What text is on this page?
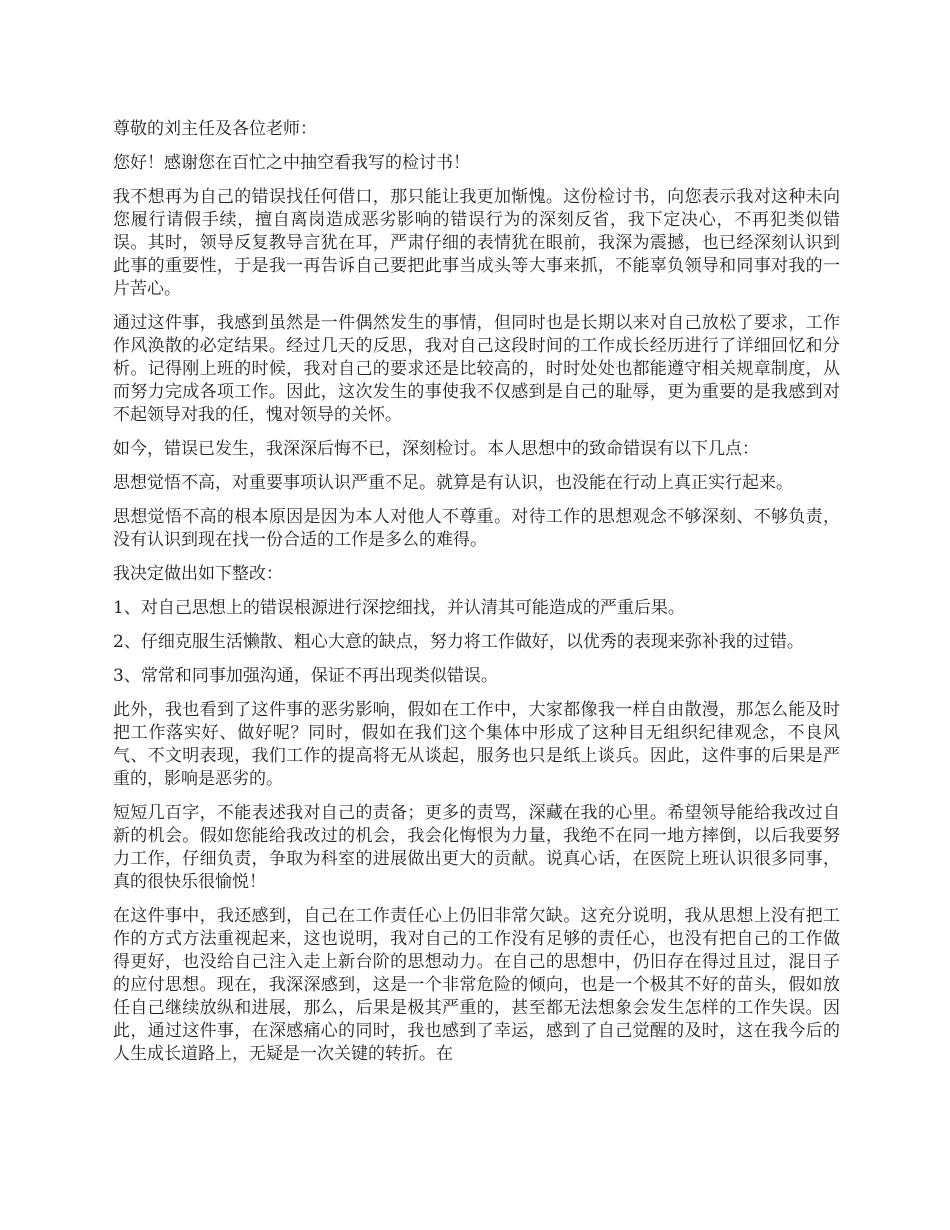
尊敬的刘主任及各位老师：

您好！感谢您在百忙之中抽空看我写的检讨书！

我不想再为自己的错误找任何借口，那只能让我更加惭愧。这份检讨书，向您表示我对这种未向您履行请假手续，擅自离岗造成恶劣影响的错误行为的深刻反省，我下定决心，不再犯类似错误。其时，领导反复教导言犹在耳，严肃仔细的表情犹在眼前，我深为震撼，也已经深刻认识到此事的重要性，于是我一再告诉自己要把此事当成头等大事来抓，不能辜负领导和同事对我的一片苦心。

通过这件事，我感到虽然是一件偶然发生的事情，但同时也是长期以来对自己放松了要求，工作作风涣散的必定结果。经过几天的反思，我对自己这段时间的工作成长经历进行了详细回忆和分析。记得刚上班的时候，我对自己的要求还是比较高的，时时处处也都能遵守相关规章制度，从而努力完成各项工作。因此，这次发生的事使我不仅感到是自己的耻辱，更为重要的是我感到对不起领导对我的任，愧对领导的关怀。

如今，错误已发生，我深深后悔不已，深刻检讨。本人思想中的致命错误有以下几点：

思想觉悟不高，对重要事项认识严重不足。就算是有认识，也没能在行动上真正实行起来。

思想觉悟不高的根本原因是因为本人对他人不尊重。对待工作的思想观念不够深刻、不够负责，没有认识到现在找一份合适的工作是多么的难得。

我决定做出如下整改：

1、对自己思想上的错误根源进行深挖细找，并认清其可能造成的严重后果。

2、仔细克服生活懒散、粗心大意的缺点，努力将工作做好，以优秀的表现来弥补我的过错。

3、常常和同事加强沟通，保证不再出现类似错误。

此外，我也看到了这件事的恶劣影响，假如在工作中，大家都像我一样自由散漫，那怎么能及时把工作落实好、做好呢？同时，假如在我们这个集体中形成了这种目无组织纪律观念，不良风气、不文明表现，我们工作的提高将无从谈起，服务也只是纸上谈兵。因此，这件事的后果是严重的，影响是恶劣的。

短短几百字，不能表述我对自己的责备；更多的责骂，深藏在我的心里。希望领导能给我改过自新的机会。假如您能给我改过的机会，我会化悔恨为力量，我绝不在同一地方摔倒，以后我要努力工作，仔细负责，争取为科室的进展做出更大的贡献。说真心话，在医院上班认识很多同事，真的很快乐很愉悦！

在这件事中，我还感到，自己在工作责任心上仍旧非常欠缺。这充分说明，我从思想上没有把工作的方式方法重视起来，这也说明，我对自己的工作没有足够的责任心，也没有把自己的工作做得更好，也没给自己注入走上新台阶的思想动力。在自己的思想中，仍旧存在得过且过，混日子的应付思想。现在，我深深感到，这是一个非常危险的倾向，也是一个极其不好的苗头，假如放任自己继续放纵和进展，那么，后果是极其严重的，甚至都无法想象会发生怎样的工作失误。因此，通过这件事，在深感痛心的同时，我也感到了幸运，感到了自己觉醒的及时，这在我今后的人生成长道路上，无疑是一次关键的转折。在
